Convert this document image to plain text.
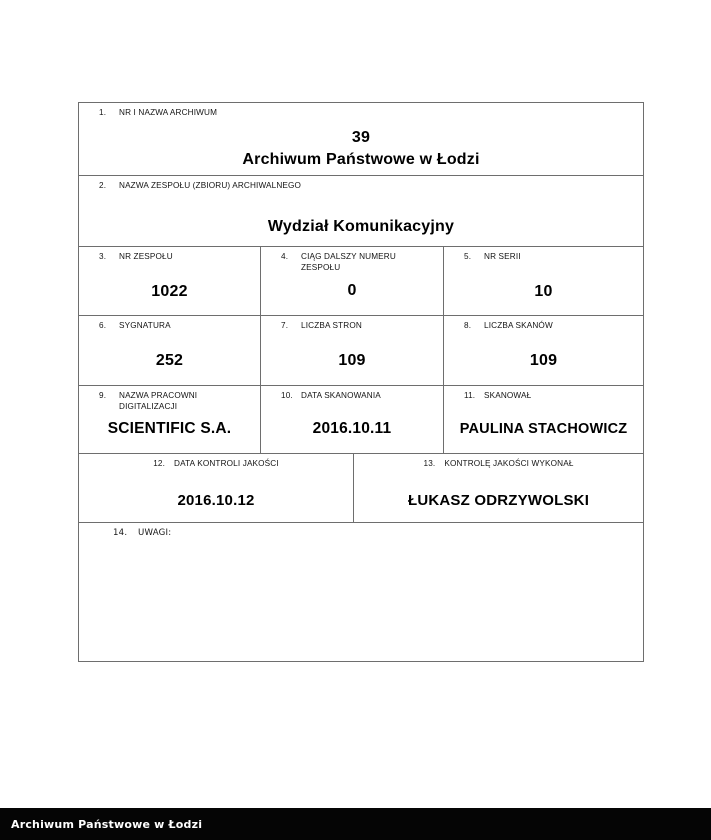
1. NR I NAZWA ARCHIWUM
39
Archiwum Państwowe w Łodzi			

2. NAZWA ZESPOŁU (ZBIORU) ARCHIWALNEGO
Wydział Komunikacyjny			

3.	NR ZESPOŁU
1022

4.	CIĄG DALSZY NUMERU ZESPOŁU
0

5.	NR SERII
10

6.	SYGNATURA
252

7.	LICZBA STRON
109

8.	LICZBA SKANÓW
109

9.	NAZWA PRACOWNI DIGITALIZACJI
SCIENTIFIC S.A.

10. DATA SKANOWANIA
2016.10.11

11.	SKANOWAŁ
PAULINA STACHOWICZ

12.	DATA KONTROLI JAKOŚCI
2016.10.12

13.	KONTROLĘ JAKOŚCI WYKONAŁ
ŁUKASZ ODRZYWOLSKI

14. UWAGI:			
Archiwum Państwowe w Łodzi
